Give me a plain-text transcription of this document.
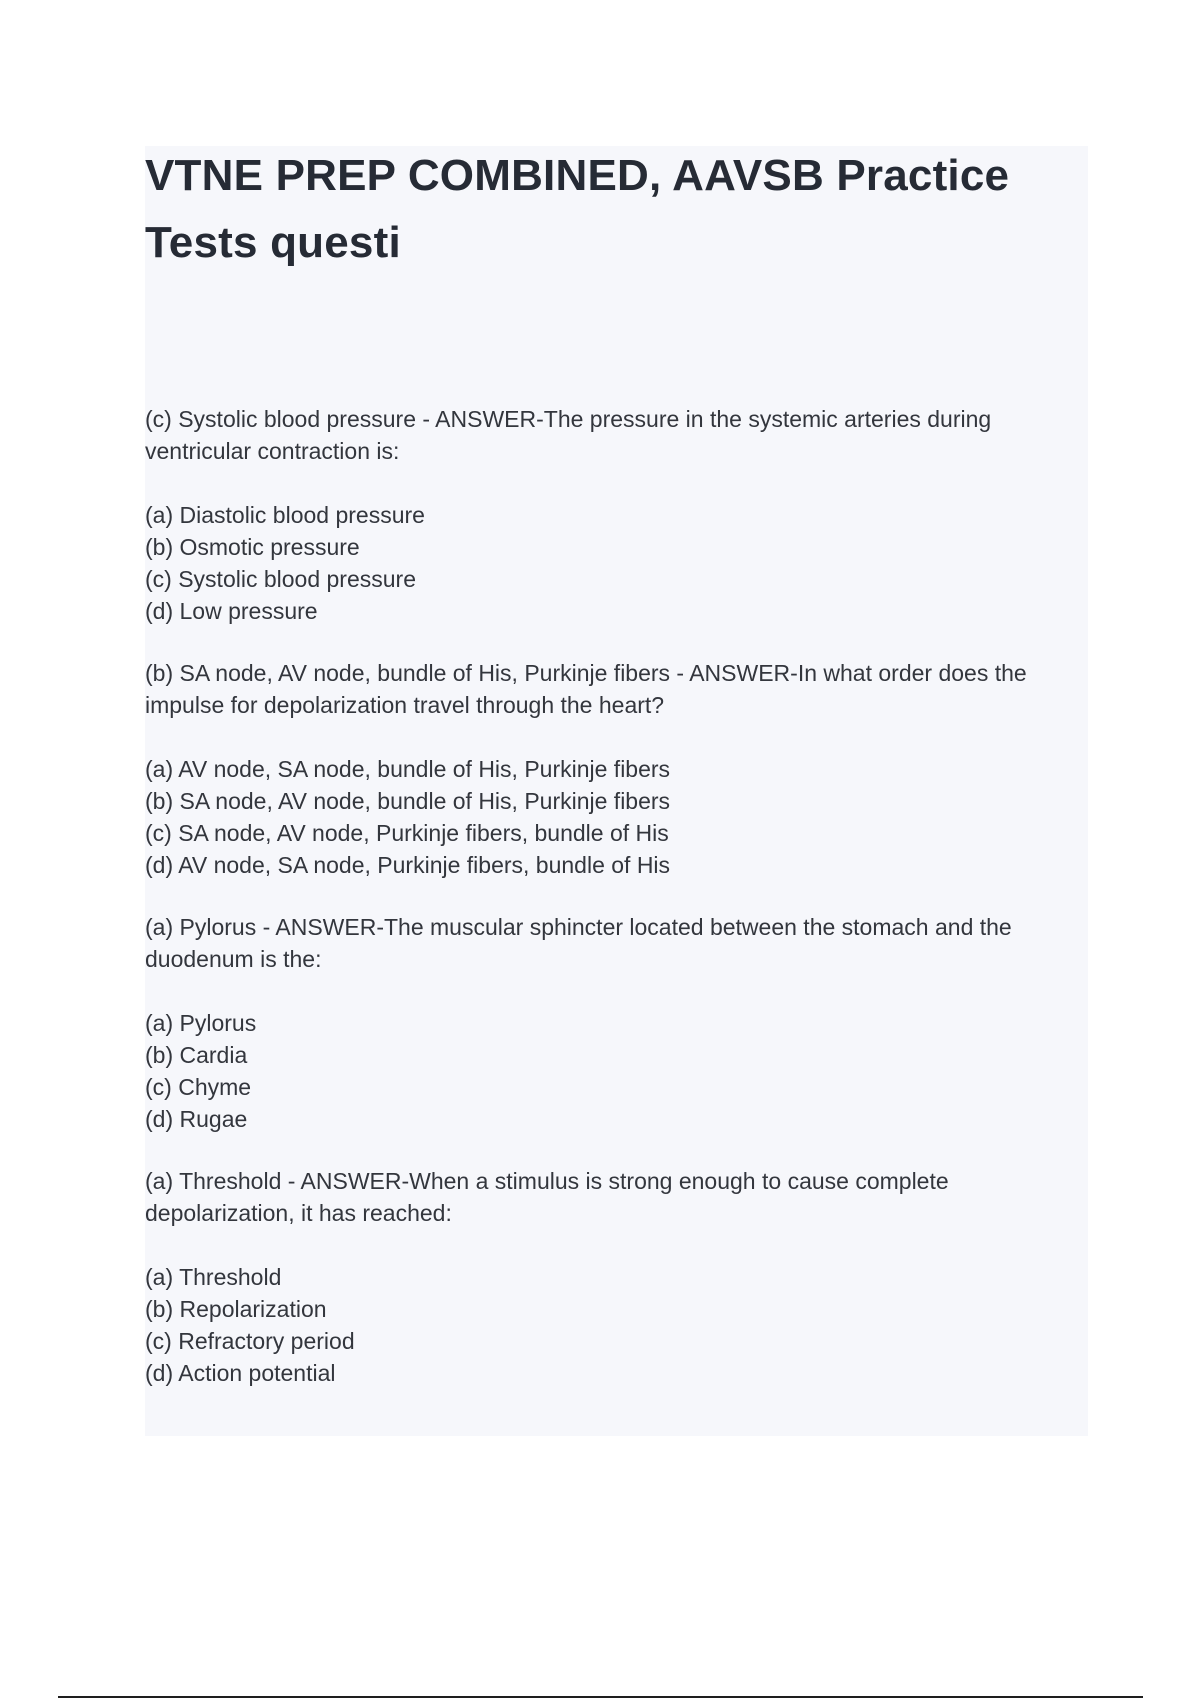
VTNE PREP COMBINED, AAVSB Practice Tests questi

(c) Systolic blood pressure - ANSWER-The pressure in the systemic arteries during ventricular contraction is:

(a) Diastolic blood pressure
(b) Osmotic pressure
(c) Systolic blood pressure
(d) Low pressure

(b) SA node, AV node, bundle of His, Purkinje fibers - ANSWER-In what order does the impulse for depolarization travel through the heart?

(a) AV node, SA node, bundle of His, Purkinje fibers
(b) SA node, AV node, bundle of His, Purkinje fibers
(c) SA node, AV node, Purkinje fibers, bundle of His
(d) AV node, SA node, Purkinje fibers, bundle of His

(a) Pylorus - ANSWER-The muscular sphincter located between the stomach and the duodenum is the:

(a) Pylorus
(b) Cardia
(c) Chyme
(d) Rugae

(a) Threshold - ANSWER-When a stimulus is strong enough to cause complete depolarization, it has reached:

(a) Threshold
(b) Repolarization
(c) Refractory period
(d) Action potential
